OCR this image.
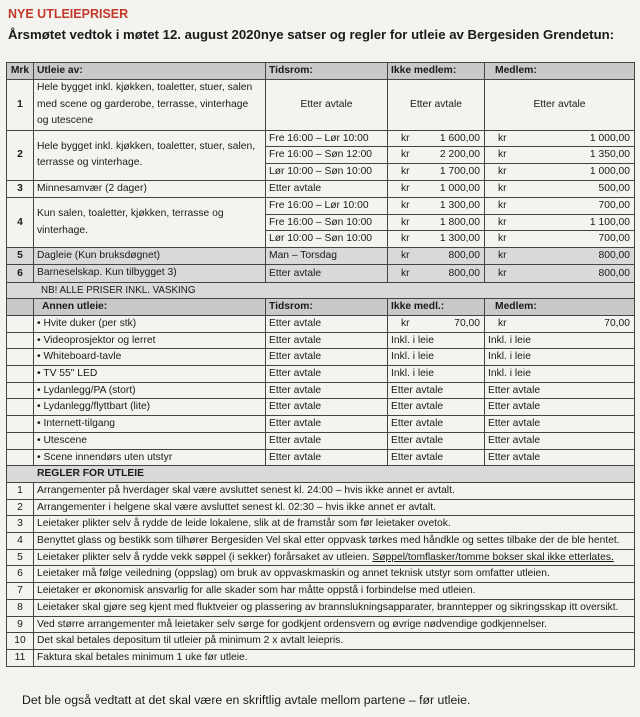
NYE UTLEIEPRISER
Årsmøtet vedtok i møtet 12. august 2020nye satser og regler for utleie av Bergesiden Grendetun:
Mrk	Utleie av:	Tidsrom:	Ikke medlem:	Medlem:
1	Hele bygget inkl. kjøkken, toaletter, stuer, salen med scene og garderobe, terrasse, vinterhage og utescene	Etter avtale	Etter avtale	Etter avtale
2	Hele bygget inkl. kjøkken, toaletter, stuer, salen, terrasse og vinterhage.	Fre 16:00 – Lør 10:00	kr 1 600,00	kr 1 000,00

		Fre 16:00 – Søn 12:00	kr 2 200,00	kr 1 350,00

		Lør 10:00 – Søn 10:00	kr 1 700,00	kr 1 000,00

3	Minnesamvær (2 dager)	Etter avtale	kr 1 000,00	kr 500,00

4	Kun salen, toaletter, kjøkken, terrasse og vinterhage.	Fre 16:00 – Lør 10:00	kr 1 300,00	kr 700,00

		Fre 16:00 – Søn 10:00	kr 1 800,00	kr 1 100,00

		Lør 10:00 – Søn 10:00	kr 1 300,00	kr 700,00

5	Dagleie (Kun bruksdøgnet)	Man – Torsdag	kr 800,00	kr 800,00

6	Barneselskap. Kun tilbygget 3)	Etter avtale	kr 800,00	kr 800,00

NB! ALLE PRISER INKL. VASKING				
	Annen utleie:	Tidsrom:	Ikke medl.:	Medlem:
	• Hvite duker (per stk)	Etter avtale	kr 70,00	kr 70,00

	• Videoprosjektor og lerret	Etter avtale	Inkl. i leie	Inkl. i leie
	• Whiteboard-tavle	Etter avtale	Inkl. i leie	Inkl. i leie
	• TV 55" LED	Etter avtale	Inkl. i leie	Inkl. i leie
	• Lydanlegg/PA (stort)	Etter avtale	Etter avtale	Etter avtale
	• Lydanlegg/flyttbart (lite)	Etter avtale	Etter avtale	Etter avtale
	• Internett-tilgang	Etter avtale	Etter avtale	Etter avtale
	• Utescene	Etter avtale	Etter avtale	Etter avtale
	• Scene innendørs uten utstyr	Etter avtale	Etter avtale	Etter avtale
REGLER FOR UTLEIE				
1	Arrangementer på hverdager skal være avsluttet senest kl. 24:00 – hvis ikke annet er avtalt.			
2	Arrangementer i helgene skal være avsluttet senest kl. 02:30 – hvis ikke annet er avtalt.			
3	Leietaker plikter selv å rydde de leide lokalene, slik at de framstår som før leietaker ovetok.			
4	Benyttet glass og bestikk som tilhører Bergesiden Vel skal etter oppvask tørkes med håndkle og settes tilbake der de ble hentet.			
5	Leietaker plikter selv å rydde vekk søppel (i sekker) forårsaket av utleien. Søppel/tomflasker/tomme bokser skal ikke etterlates.			
6	Leietaker må følge veiledning (oppslag) om bruk av oppvaskmaskin og annet teknisk utstyr som omfatter utleien.			
7	Leietaker er økonomisk ansvarlig for alle skader som har måtte oppstå i forbindelse med utleien.			
8	Leietaker skal gjøre seg kjent med fluktveier og plassering av brannslukningsapparater, branntepper og sikringsskap itt oversikt.			
9	Ved større arrangementer må leietaker selv sørge for godkjent ordensvern og øvrige nødvendige godkjennelser.			
10	Det skal betales depositum til utleier på minimum 2 x avtalt leiepris.			
11	Faktura skal betales minimum 1 uke før utleie.			
Det ble også vedtatt at det skal være en skriftlig avtale mellom partene – før utleie.
